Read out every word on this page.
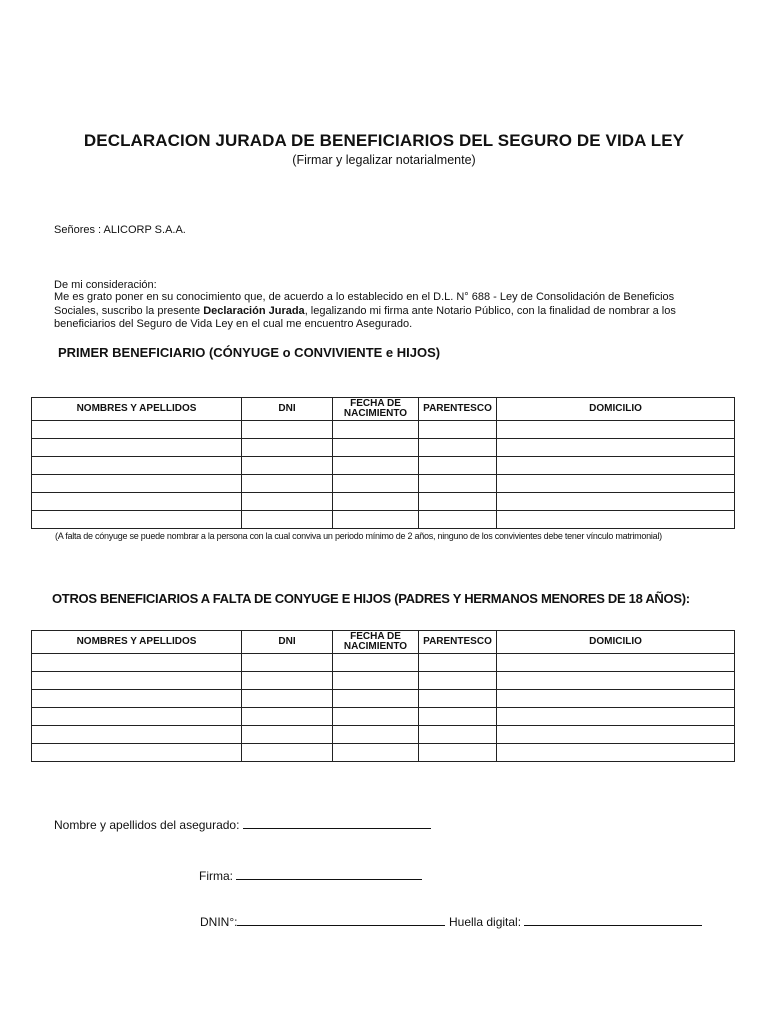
DECLARACION JURADA DE BENEFICIARIOS DEL SEGURO DE VIDA LEY
(Firmar y legalizar notarialmente)
Señores : ALICORP S.A.A.
De mi consideración:
Me es grato poner en su conocimiento que, de acuerdo a lo establecido en el D.L. N° 688 - Ley de Consolidación de Beneficios Sociales, suscribo la presente Declaración Jurada, legalizando mi firma ante Notario Público, con la finalidad de nombrar a los beneficiarios del Seguro de Vida Ley en el cual me encuentro Asegurado.
PRIMER BENEFICIARIO (CÓNYUGE o CONVIVIENTE e HIJOS)
NOMBRES Y APELLIDOS	DNI	FECHA DE NACIMIENTO	PARENTESCO	DOMICILIO

(A falta de cónyuge se puede nombrar a la persona con la cual conviva un periodo mínimo de 2 años, ninguno de los convivientes debe tener vínculo matrimonial)
OTROS BENEFICIARIOS A FALTA DE CONYUGE E HIJOS (PADRES Y HERMANOS MENORES DE 18 AÑOS):
NOMBRES Y APELLIDOS	DNI	FECHA DE NACIMIENTO	PARENTESCO	DOMICILIO

Nombre y apellidos del asegurado:
Firma:
DNIN°:	Huella digital:
